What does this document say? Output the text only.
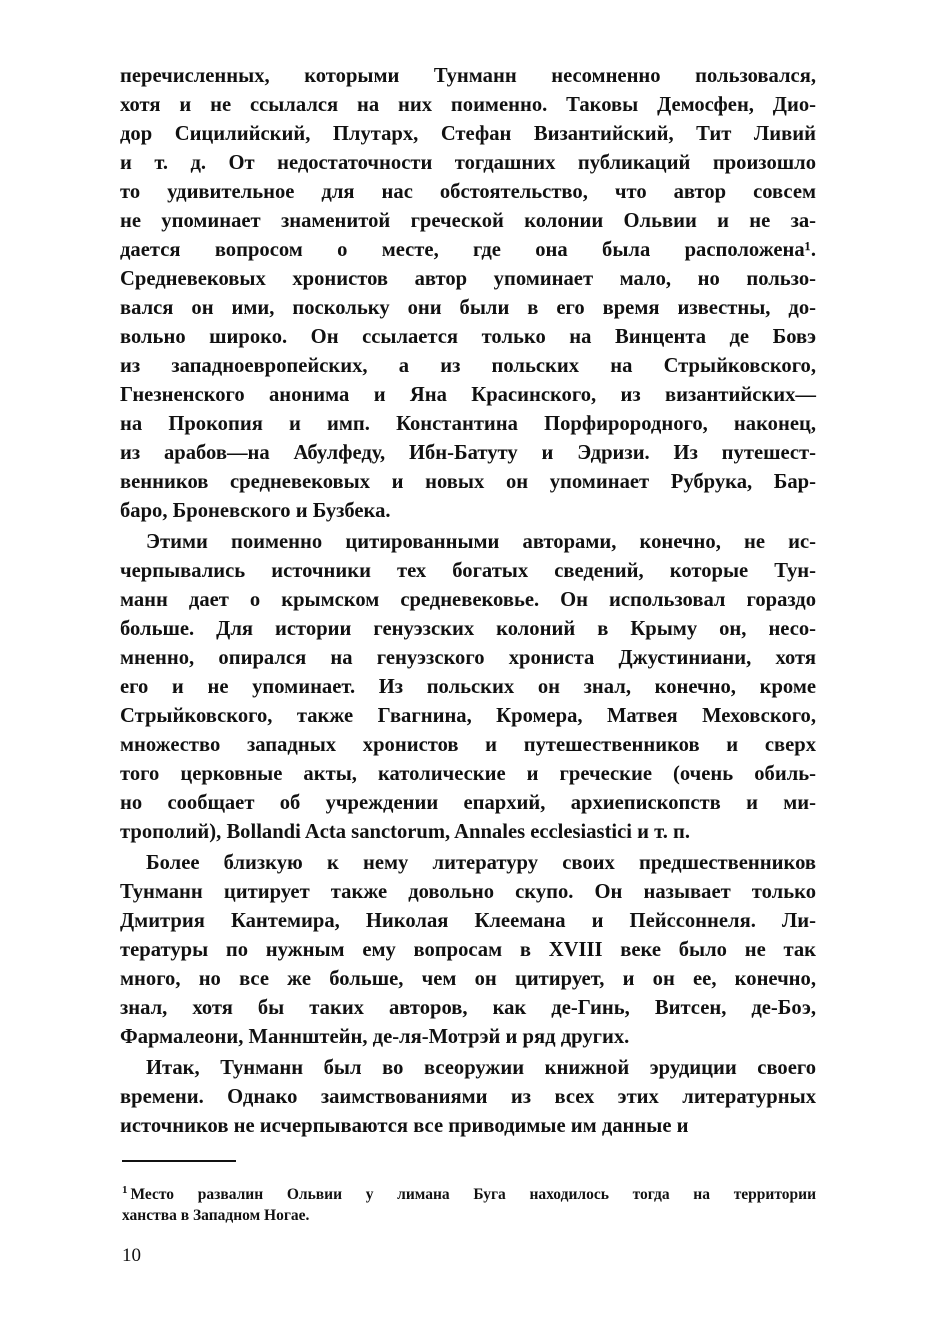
перечисленных, которыми Тунманн несомненно пользовался,
хотя и не ссылался на них поименно. Таковы Демосфен, Дио-
дор Сицилийский, Плутарх, Стефан Византийский, Тит Ливий
и т. д. От недостаточности тогдашних публикаций произошло
то удивительное для нас обстоятельство, что автор совсем
не упоминает знаменитой греческой колонии Ольвии и не за-
дается вопросом о месте, где она была расположена¹.
Средневековых хронистов автор упоминает мало, но пользо-
вался он ими, поскольку они были в его время известны, до-
вольно широко. Он ссылается только на Винцента де Бовэ
из западноевропейских, а из польских на Стрыйковского,
Гнезненского анонима и Яна Красинского, из византийских—
на Прокопия и имп. Константина Порфирородного, наконец,
из арабов—на Абулфеду, Ибн-Батуту и Эдризи. Из путешест-
венников средневековых и новых он упоминает Рубрука, Бар-
баро, Броневского и Бузбека.
Этими поименно цитированными авторами, конечно, не ис-
черпывались источники тех богатых сведений, которые Тун-
манн дает о крымском средневековье. Он использовал гораздо
больше. Для истории генуэзских колоний в Крыму он, несо-
мненно, опирался на генуэзского хрониста Джустиниани, хотя
его и не упоминает. Из польских он знал, конечно, кроме
Стрыйковского, также Гвагнина, Кромера, Матвея Меховского,
множество западных хронистов и путешественников и сверх
того церковные акты, католические и греческие (очень обиль-
но сообщает об учреждении епархий, архиепископств и ми-
трополий), Bollandi Acta sanctorum, Annales ecclesiastici и т. п.
Более близкую к нему литературу своих предшественников
Тунманн цитирует также довольно скупо. Он называет только
Дмитрия Кантемира, Николая Клеемана и Пейссоннеля. Ли-
тературы по нужным ему вопросам в XVIII веке было не так
много, но все же больше, чем он цитирует, и он ее, конечно,
знал, хотя бы таких авторов, как де-Гинь, Витсен, де-Боэ,
Фармалеони, Маннштейн, де-ля-Мотрэй и ряд других.
Итак, Тунманн был во всеоружии книжной эрудиции своего
времени. Однако заимствованиями из всех этих литературных
источников не исчерпываются все приводимые им данные и
$^1$ Место развалин Ольвии у лимана Буга находилось тогда на территории
ханства в Западном Ногае.
10
